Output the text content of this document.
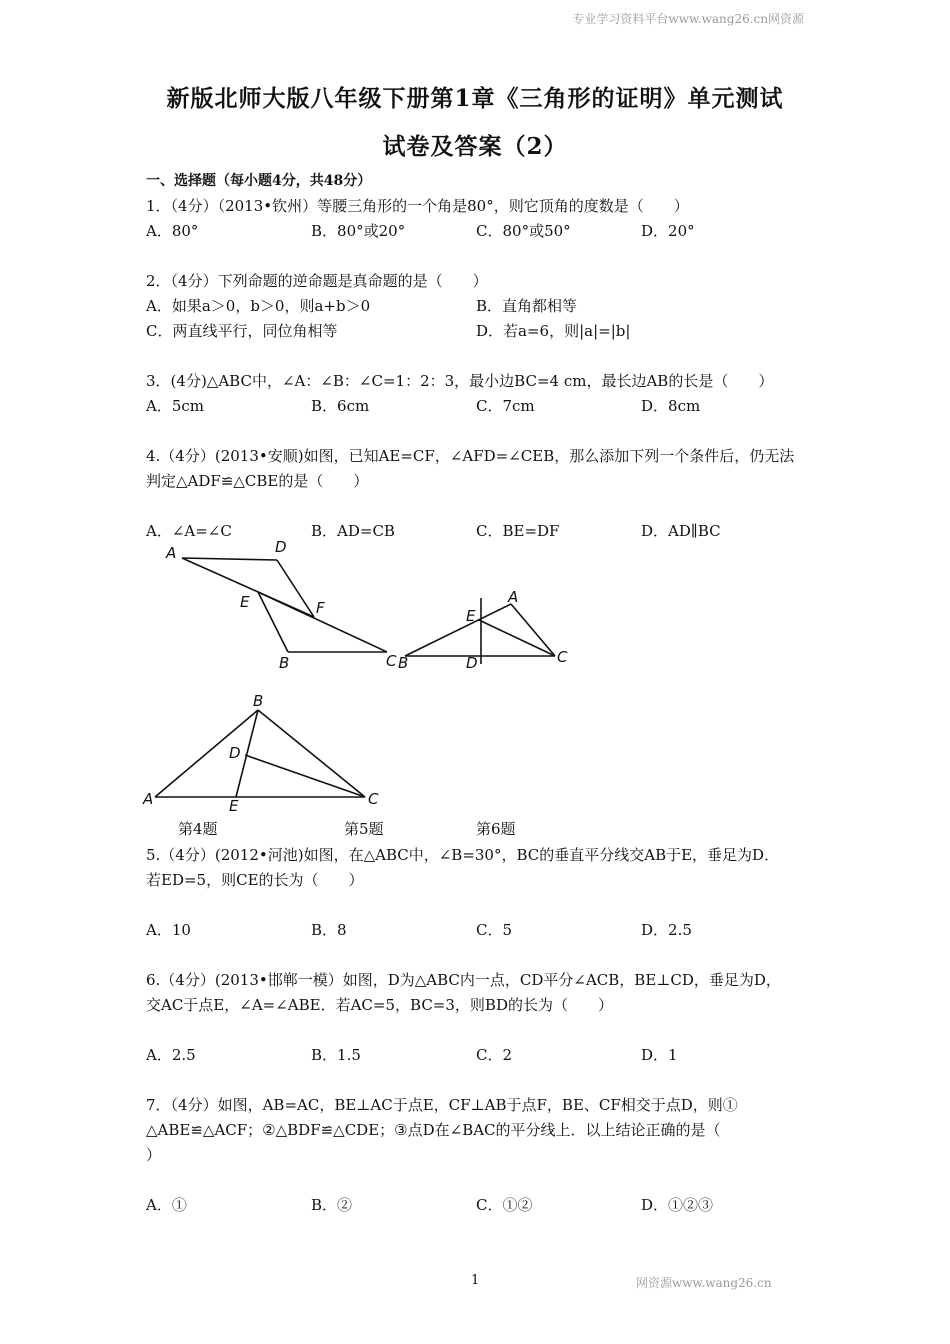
专业学习资料平台www.wang26.cn网资源
新版北师大版八年级下册第1章《三角形的证明》单元测试
试卷及答案（2）
一、选择题（每小题4分，共48分）
1．（4分）（2013•钦州）等腰三角形的一个角是80°，则它顶角的度数是（　　）
A．80°	B．80°或20°	C．80°或50°	D．20°
2．（4分）下列命题的逆命题是真命题的是（　　）
A．如果a＞0，b＞0，则a+b＞0	B．直角都相等
C．两直线平行，同位角相等	D．若a=6，则|a|=|b|
3．(4分)△ABC中，∠A：∠B：∠C=1：2：3，最小边BC=4 cm，最长边AB的长是（　　）
A．5cm	B．6cm	C．7cm	D．8cm
4.（4分）(2013•安顺)如图，已知AE=CF，∠AFD=∠CEB，那么添加下列一个条件后，仍无法
判定△ADF≌△CBE的是（　　）
A．∠A=∠C	B．AD=CB	C．BE=DF	D．AD∥BC
A	D
E	F
B	C B
E
A
D	C
B
D
E
A	C
第4题	第5题	第6题
5.（4分）(2012•河池)如图，在△ABC中，∠B=30°，BC的垂直平分线交AB于E，垂足为D．
若ED=5，则CE的长为（　　）
A．10	B．8	C．5	D．2.5
6.（4分）(2013•邯郸一模）如图，D为△ABC内一点，CD平分∠ACB，BE⊥CD，垂足为D，
交AC于点E，∠A=∠ABE．若AC=5，BC=3，则BD的长为（　　）
A．2.5	B．1.5	C．2	D．1
7．（4分）如图，AB=AC，BE⊥AC于点E，CF⊥AB于点F，BE、CF相交于点D，则①
△ABE≌△ACF；②△BDF≌△CDE；③点D在∠BAC的平分线上．以上结论正确的是（
）
A．①	B．②	C．①②	D．①②③
1	网资源www.wang26.cn
